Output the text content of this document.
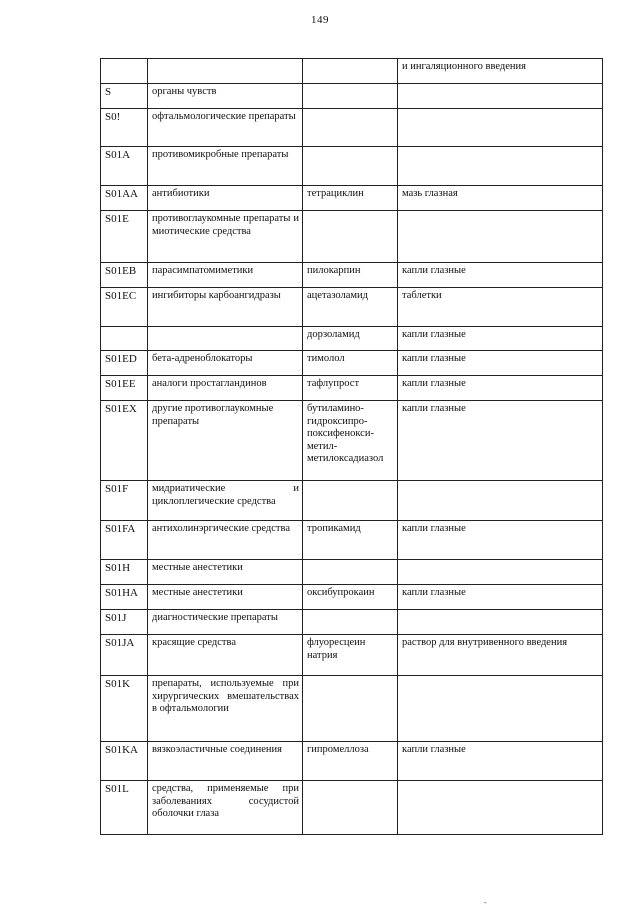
149
			и ингаляционного введения
S	органы чувств		
S0!	офтальмологические препараты		
S01A	противомикробные препараты		
S01AA	антибиотики	тетрациклин	мазь глазная
S01E	противоглаукомные препараты и миотические средства		
S01EB	парасимпатомиметики	пилокарпин	капли глазные
S01EC	ингибиторы карбоангидразы	ацетазоламид	таблетки
		дорзоламид	капли глазные
S01ED	бета-адреноблокаторы	тимолол	капли глазные
S01EE	аналоги простагландинов	тафлупрост	капли глазные
S01EX	другие противоглаукомные препараты	бутиламино-гидроксипро-поксифенокси-метил-метилоксадиазол	капли глазные
S01F	мидриатические и циклоплегические средства		
S01FA	антихолинэргические средства	тропикамид	капли глазные
S01H	местные анестетики		
S01HA	местные анестетики	оксибупрокаин	капли глазные
S01J	диагностические препараты		
S01JA	красящие средства	флуоресцеин натрия	раствор для внутривенного введения
S01K	препараты, используемые при хирургических вмешательствах в офтальмологии		
S01KA	вязкоэластичные соединения	гипромеллоза	капли глазные
S01L	средства, применяемые при заболеваниях сосудистой оболочки глаза		
-
